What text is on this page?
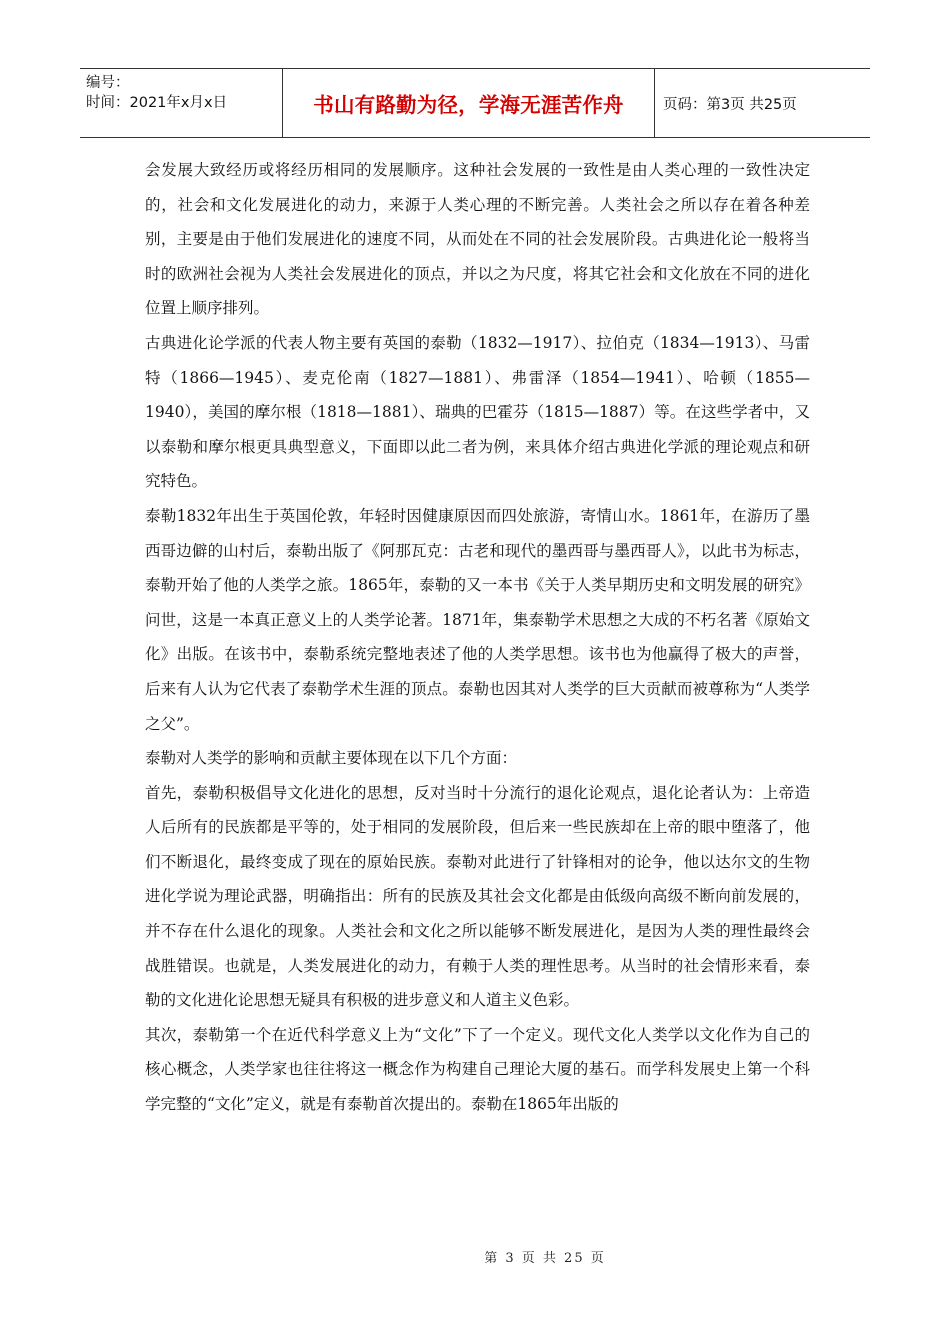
编号：
时间：2021年x月x日	书山有路勤为径，学海无涯苦作舟	页码：第3页 共25页

会发展大致经历或将经历相同的发展顺序。这种社会发展的一致性是由人类心理的一致性决定的，社会和文化发展进化的动力，来源于人类心理的不断完善。人类社会之所以存在着各种差别，主要是由于他们发展进化的速度不同，从而处在不同的社会发展阶段。古典进化论一般将当时的欧洲社会视为人类社会发展进化的顶点，并以之为尺度，将其它社会和文化放在不同的进化位置上顺序排列。

古典进化论学派的代表人物主要有英国的泰勒（1832—1917）、拉伯克（1834—1913）、马雷特（1866—1945）、麦克伦南（1827—1881）、弗雷泽（1854—1941）、哈顿（1855—1940），美国的摩尔根（1818—1881）、瑞典的巴霍芬（1815—1887）等。在这些学者中，又以泰勒和摩尔根更具典型意义，下面即以此二者为例，来具体介绍古典进化学派的理论观点和研究特色。

泰勒1832年出生于英国伦敦，年轻时因健康原因而四处旅游，寄情山水。1861年，在游历了墨西哥边僻的山村后，泰勒出版了《阿那瓦克：古老和现代的墨西哥与墨西哥人》，以此书为标志，泰勒开始了他的人类学之旅。1865年，泰勒的又一本书《关于人类早期历史和文明发展的研究》问世，这是一本真正意义上的人类学论著。1871年，集泰勒学术思想之大成的不朽名著《原始文化》出版。在该书中，泰勒系统完整地表述了他的人类学思想。该书也为他赢得了极大的声誉，后来有人认为它代表了泰勒学术生涯的顶点。泰勒也因其对人类学的巨大贡献而被尊称为“人类学之父”。

泰勒对人类学的影响和贡献主要体现在以下几个方面：

首先，泰勒积极倡导文化进化的思想，反对当时十分流行的退化论观点，退化论者认为：上帝造人后所有的民族都是平等的，处于相同的发展阶段，但后来一些民族却在上帝的眼中堕落了，他们不断退化，最终变成了现在的原始民族。泰勒对此进行了针锋相对的论争，他以达尔文的生物进化学说为理论武器，明确指出：所有的民族及其社会文化都是由低级向高级不断向前发展的，并不存在什么退化的现象。人类社会和文化之所以能够不断发展进化，是因为人类的理性最终会战胜错误。也就是，人类发展进化的动力，有赖于人类的理性思考。从当时的社会情形来看，泰勒的文化进化论思想无疑具有积极的进步意义和人道主义色彩。

其次，泰勒第一个在近代科学意义上为“文化”下了一个定义。现代文化人类学以文化作为自己的核心概念，人类学家也往往将这一概念作为构建自己理论大厦的基石。而学科发展史上第一个科学完整的“文化”定义，就是有泰勒首次提出的。泰勒在1865年出版的

第 3 页 共 25 页
